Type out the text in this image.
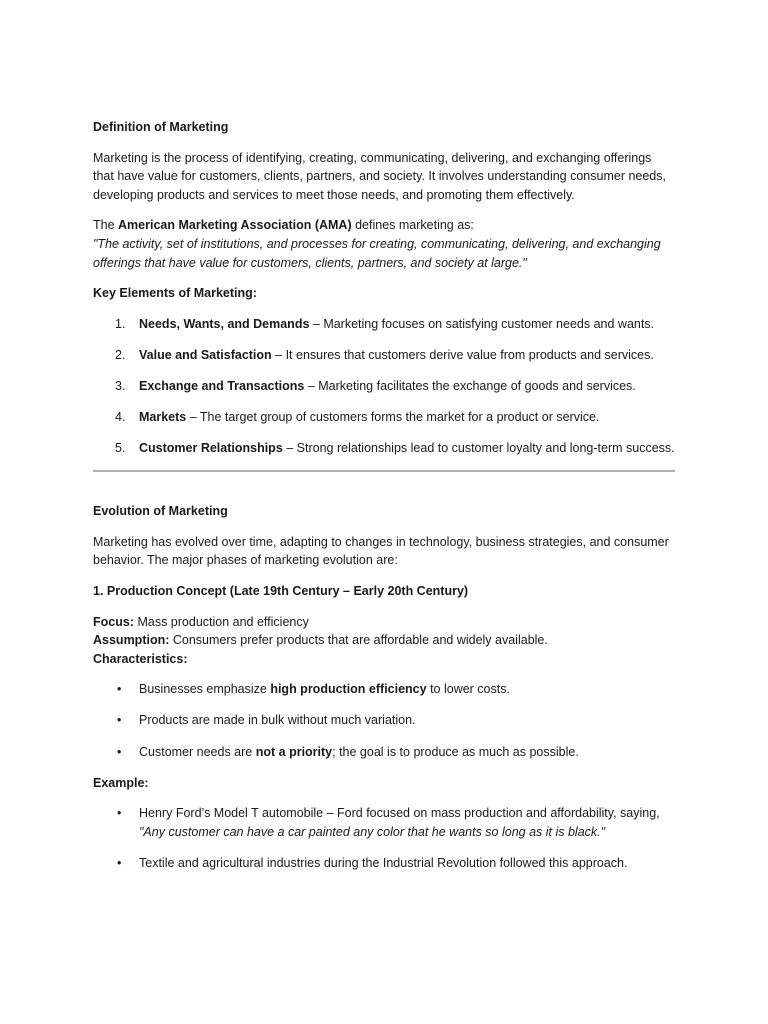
Definition of Marketing

Marketing is the process of identifying, creating, communicating, delivering, and exchanging offerings that have value for customers, clients, partners, and society. It involves understanding consumer needs, developing products and services to meet those needs, and promoting them effectively.

The American Marketing Association (AMA) defines marketing as:
"The activity, set of institutions, and processes for creating, communicating, delivering, and exchanging offerings that have value for customers, clients, partners, and society at large."

Key Elements of Marketing:
1. Needs, Wants, and Demands – Marketing focuses on satisfying customer needs and wants.
2. Value and Satisfaction – It ensures that customers derive value from products and services.
3. Exchange and Transactions – Marketing facilitates the exchange of goods and services.
4. Markets – The target group of customers forms the market for a product or service.
5. Customer Relationships – Strong relationships lead to customer loyalty and long-term success.
Evolution of Marketing

Marketing has evolved over time, adapting to changes in technology, business strategies, and consumer behavior. The major phases of marketing evolution are:

1. Production Concept (Late 19th Century – Early 20th Century)

Focus: Mass production and efficiency
Assumption: Consumers prefer products that are affordable and widely available.
Characteristics:

• Businesses emphasize high production efficiency to lower costs.
• Products are made in bulk without much variation.
• Customer needs are not a priority; the goal is to produce as much as possible.
Example:
• Henry Ford’s Model T automobile – Ford focused on mass production and affordability, saying, "Any customer can have a car painted any color that he wants so long as it is black."
• Textile and agricultural industries during the Industrial Revolution followed this approach.
